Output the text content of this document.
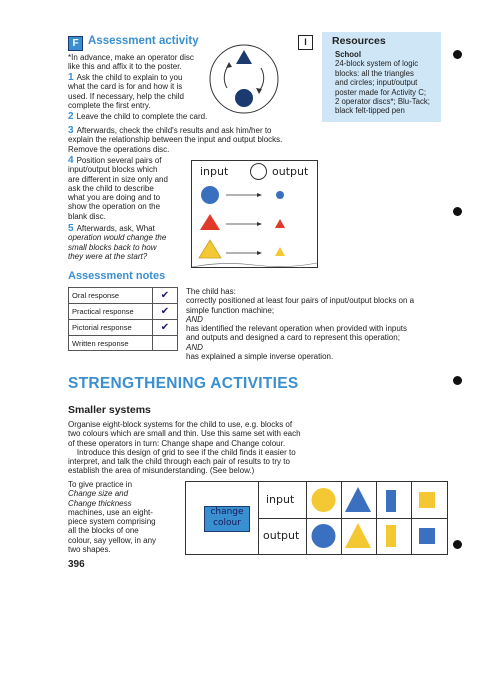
F Assessment activity	I	Resources
School
24-block system of logic
blocks: all the triangles
and circles; input/output
poster made for Activity C;
2 operator discs*; Blu-Tack;
black felt-tipped pen

*In advance, make an operator disc

like this and affix it to the poster.

1 Ask the child to explain to you

what the card is for and how it is

used. If necessary, help the child

complete the first entry.

2 Leave the child to complete the card.

3 Afterwards, check the child's results and ask him/her to

explain the relationship between the input and output blocks.

Remove the operations disc.

4 Position several pairs of

input/output blocks which

are different in size only and

ask the child to describe

what you are doing and to

show the operation on the

blank disc.

5 Afterwards, ask, What

operation would change the

small blocks back to how

they were at the start?

input	output
Assessment notes
Oral response	✔
Practical response	✔
Pictorial response	✔
Written response	

The child has:

correctly positioned at least four pairs of input/output blocks on a

simple function machine;

AND

has identified the relevant operation when provided with inputs

and outputs and designed a card to represent this operation;

AND

has explained a simple inverse operation.

STRENGTHENING ACTIVITIES
Smaller systems

Organise eight-block systems for the child to use, e.g. blocks of

two colours which are small and thin. Use this same set with each

of these operators in turn: Change shape and Change colour.

Introduce this design of grid to see if the child finds it easier to

interpret, and talk the child through each pair of results to try to

establish the area of misunderstanding. (See below.)

To give practice in

Change size and

Change thickness

machines, use an eight-

piece system comprising

all the blocks of one

colour, say yellow, in any

two shapes.

change
colour
input
output
396
